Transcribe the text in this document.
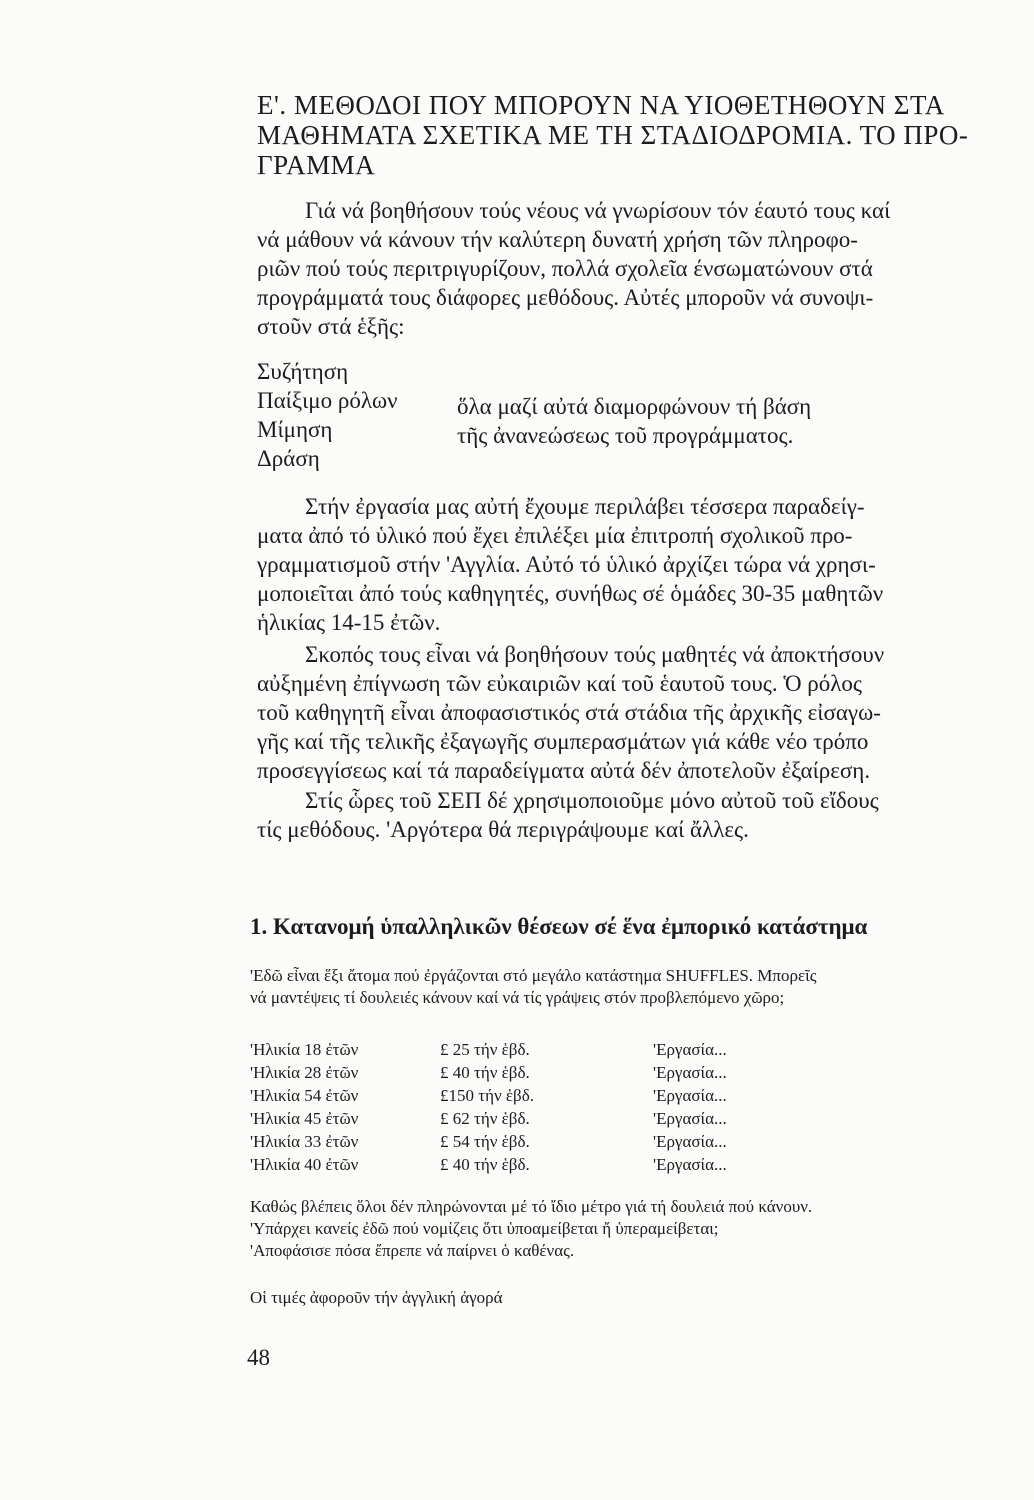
Ε'. ΜΕΘΟΔΟΙ ΠΟΥ ΜΠΟΡΟΥΝ ΝΑ ΥΙΟΘΕΤΗΘΟΥΝ ΣΤΑ
ΜΑΘΗΜΑΤΑ ΣΧΕΤΙΚΑ ΜΕ ΤΗ ΣΤΑΔΙΟΔΡΟΜΙΑ. ΤΟ ΠΡΟ-
ΓΡΑΜΜΑ

Γιά νά βοηθήσουν τούς νέους νά γνωρίσουν τόν έαυτό τους καί
νά μάθουν νά κάνουν τήν καλύτερη δυνατή χρήση τῶν πληροφο-
ριῶν πού τούς περιτριγυρίζουν, πολλά σχολεῖα ένσωματώνουν στά
προγράμματά τους διάφορες μεθόδους. Αὐτές μποροῦν νά συνοψι-
στοῦν στά ἑξῆς:

Συζήτηση
Παίξιμο ρόλων
Μίμηση
Δράση
ὅλα μαζί αὐτά διαμορφώνουν τή βάση
τῆς ἀνανεώσεως τοῦ προγράμματος.

Στήν ἐργασία μας αὐτή ἔχουμε περιλάβει τέσσερα παραδείγ-
ματα ἀπό τό ὑλικό πού ἔχει ἐπιλέξει μία ἐπιτροπή σχολικοῦ προ-
γραμματισμοῦ στήν 'Αγγλία. Αὐτό τό ὑλικό ἀρχίζει τώρα νά χρησι-
μοποιεῖται ἀπό τούς καθηγητές, συνήθως σέ ὁμάδες 30-35 μαθητῶν
ἡλικίας 14-15 ἐτῶν.

Σκοπός τους εἶναι νά βοηθήσουν τούς μαθητές νά ἀποκτήσουν
αὐξημένη ἐπίγνωση τῶν εὐκαιριῶν καί τοῦ ἑαυτοῦ τους. Ὁ ρόλος
τοῦ καθηγητῆ εἶναι ἀποφασιστικός στά στάδια τῆς ἀρχικῆς εἰσαγω-
γῆς καί τῆς τελικῆς ἐξαγωγῆς συμπερασμάτων γιά κάθε νέο τρόπο
προσεγγίσεως καί τά παραδείγματα αὐτά δέν ἀποτελοῦν ἐξαίρεση.

Στίς ὧρες τοῦ ΣΕΠ δέ χρησιμοποιοῦμε μόνο αὐτοῦ τοῦ εἴδους
τίς μεθόδους. 'Αργότερα θά περιγράψουμε καί ἄλλες.

1. Κατανομή ὑπαλληλικῶν θέσεων σέ ἕνα ἐμπορικό κατάστημα

'Εδῶ εἶναι ἕξι ἄτομα πού ἐργάζονται στό μεγάλο κατάστημα SHUFFLES. Μπορεῖς
νά μαντέψεις τί δουλειές κάνουν καί νά τίς γράψεις στόν προβλεπόμενο χῶρο;

'Ηλικία 18 ἐτῶν	£ 25 τήν ἑβδ.	'Εργασία...
'Ηλικία 28 ἐτῶν	£ 40 τήν ἑβδ.	'Εργασία...
'Ηλικία 54 ἐτῶν	£150 τήν ἑβδ.	'Εργασία...
'Ηλικία 45 ἐτῶν	£ 62 τήν ἑβδ.	'Εργασία...
'Ηλικία 33 ἐτῶν	£ 54 τήν ἑβδ.	'Εργασία...
'Ηλικία 40 ἐτῶν	£ 40 τήν ἑβδ.	'Εργασία...

Καθώς βλέπεις ὅλοι δέν πληρώνονται μέ τό ἴδιο μέτρο γιά τή δουλειά πού κάνουν.
'Υπάρχει κανείς ἐδῶ πού νομίζεις ὅτι ὑποαμείβεται ἤ ὑπεραμείβεται;
'Αποφάσισε πόσα ἔπρεπε νά παίρνει ὁ καθένας.

Οἱ τιμές ἀφοροῦν τήν ἀγγλική ἀγορά

48
